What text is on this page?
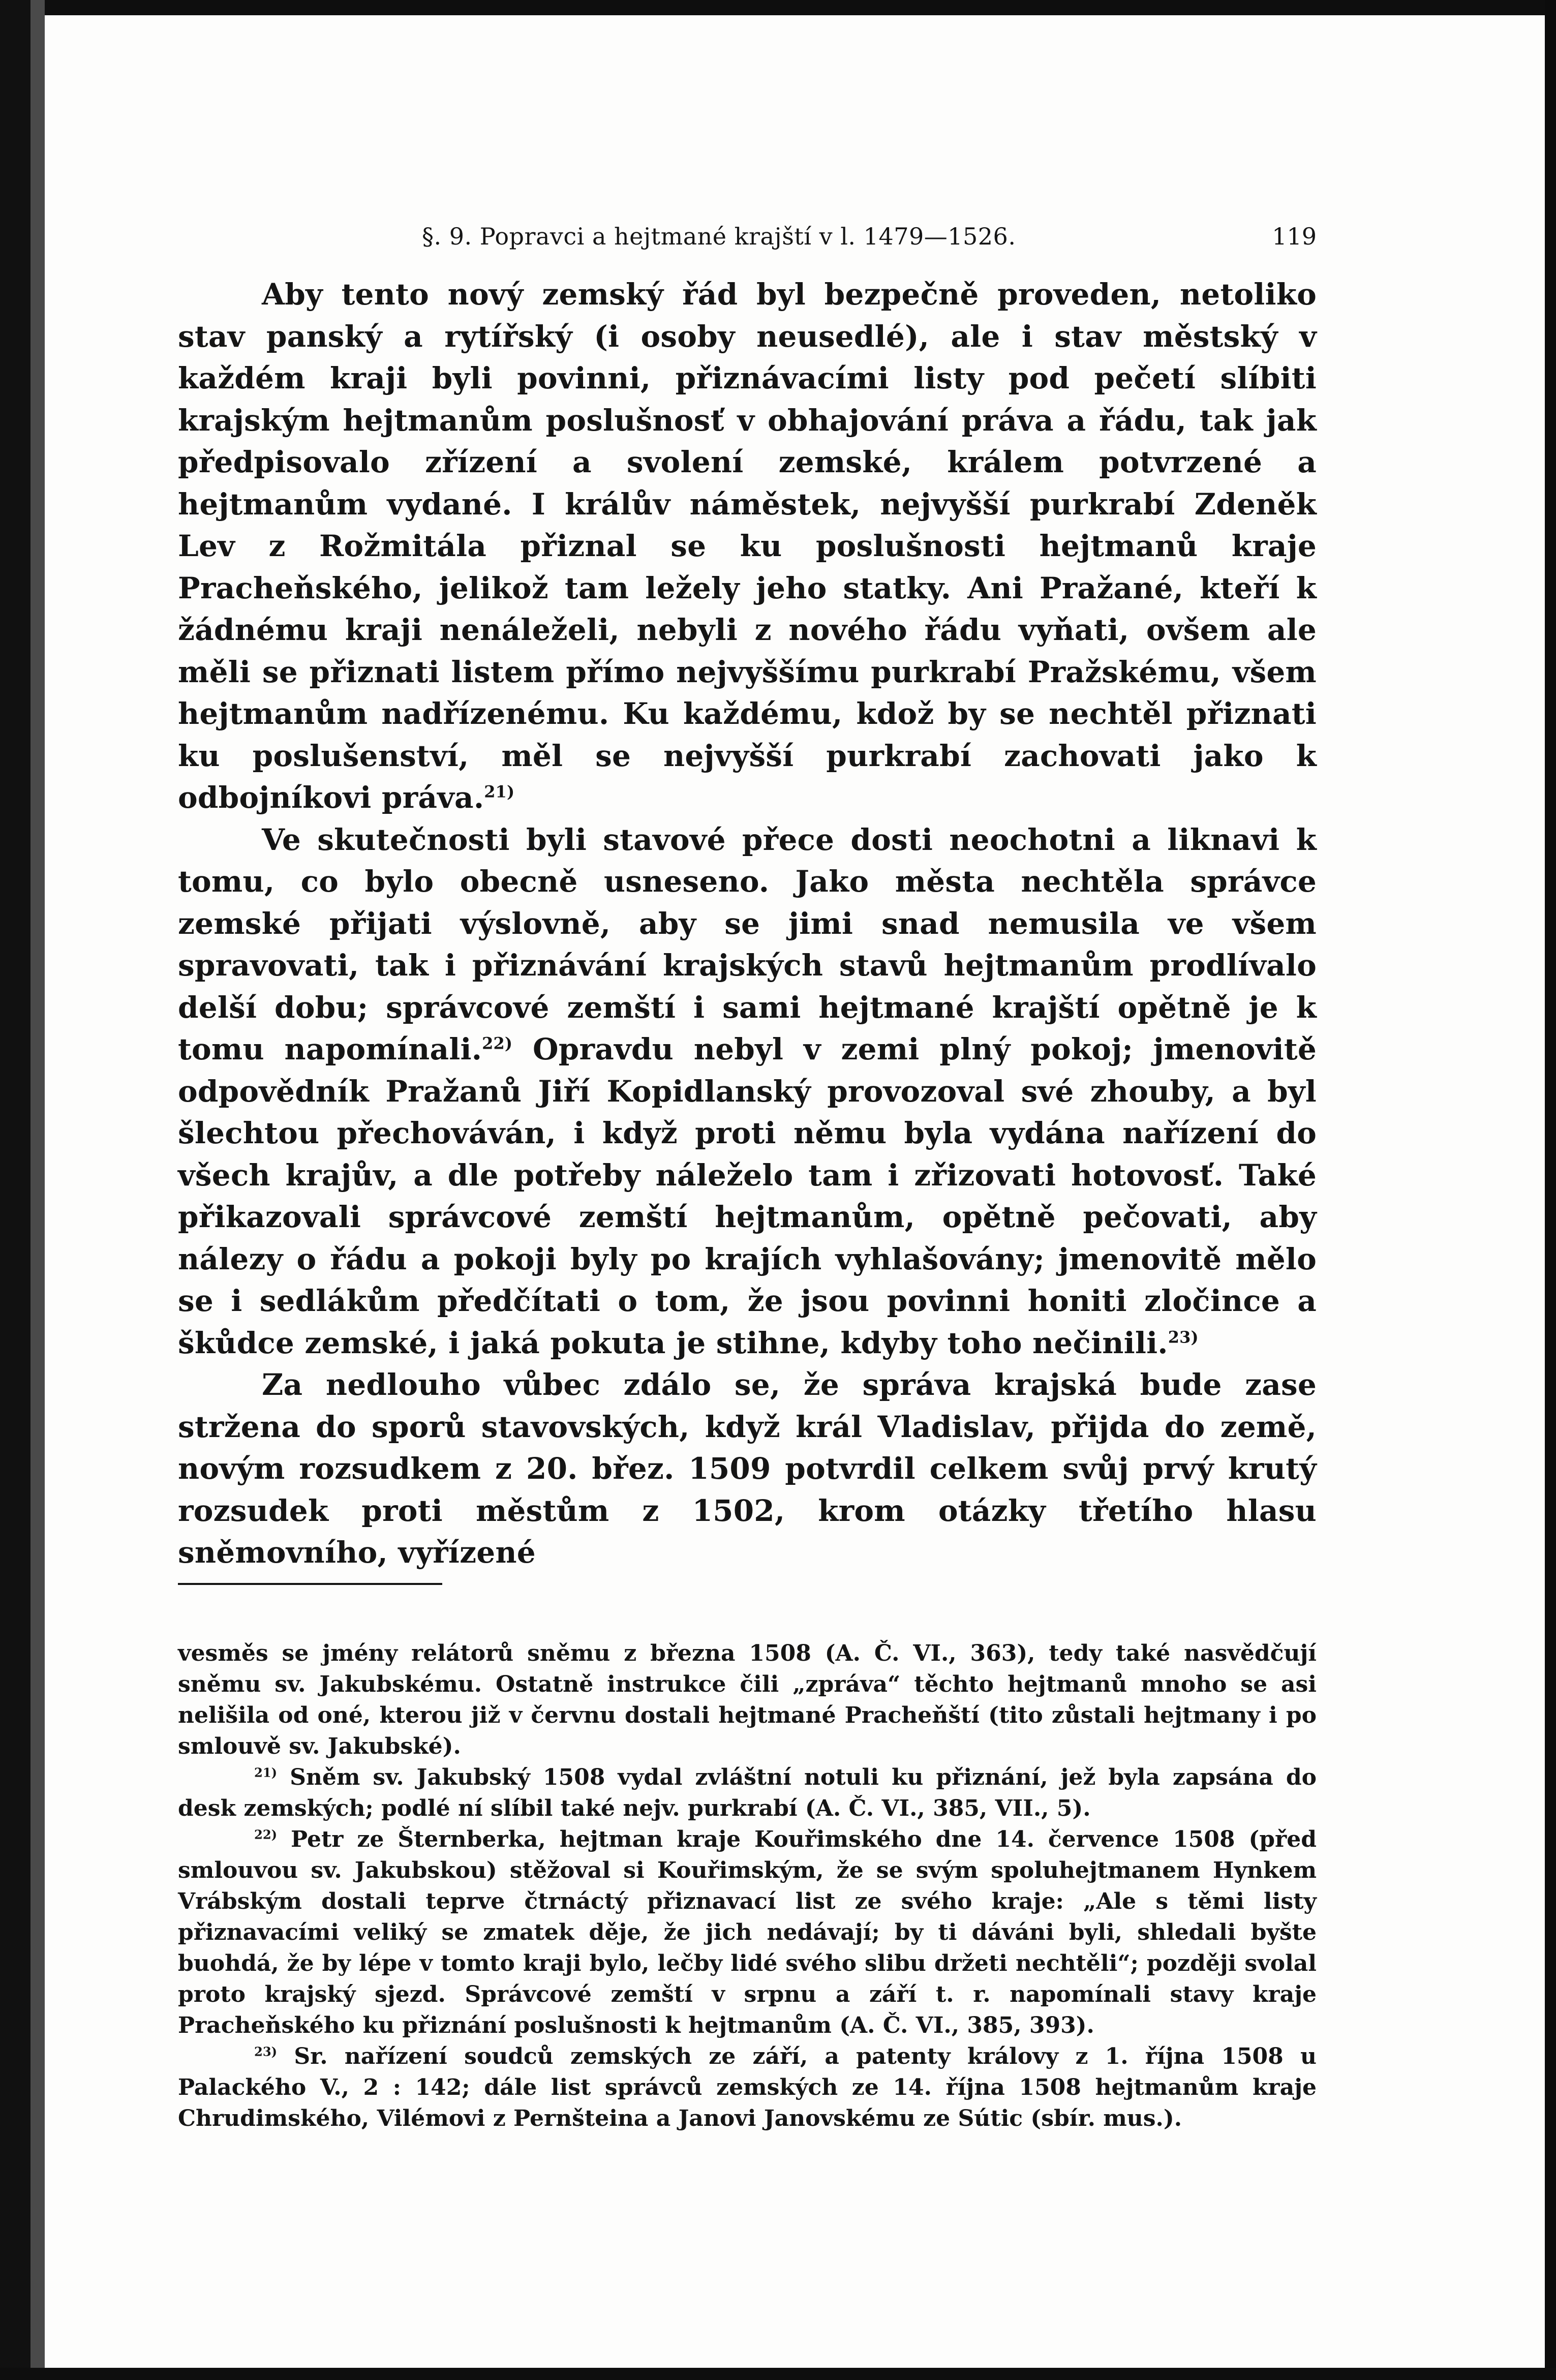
§. 9. Popravci a hejtmané krajští v l. 1479—1526.	119

Aby tento nový zemský řád byl bezpečně proveden, netoliko stav panský a rytířský (i osoby neusedlé), ale i stav městský v každém kraji byli povinni, přiznávacími listy pod pečetí slíbiti krajským hejtmanům poslušnosť v obhajování práva a řádu, tak jak předpisovalo zřízení a svolení zemské, králem potvrzené a hejtmanům vydané. I králův náměstek, nejvyšší purkrabí Zdeněk Lev z Rožmitála přiznal se ku poslušnosti hejtmanů kraje Pracheňského, jelikož tam ležely jeho statky. Ani Pražané, kteří k žádnému kraji nenáleželi, nebyli z nového řádu vyňati, ovšem ale měli se přiznati listem přímo nejvyššímu purkrabí Pražskému, všem hejtmanům nadřízenému. Ku každému, kdož by se nechtěl přiznati ku poslušenství, měl se nejvyšší purkrabí zachovati jako k odbojníkovi práva.$^{21)}$

Ve skutečnosti byli stavové přece dosti neochotni a liknavi k tomu, co bylo obecně usneseno. Jako města nechtěla správce zemské přijati výslovně, aby se jimi snad nemusila ve všem spravovati, tak i přiznávání krajských stavů hejtmanům prodlívalo delší dobu; správcové zemští i sami hejtmané krajští opětně je k tomu napomínali.$^{22)}$ Opravdu nebyl v zemi plný pokoj; jmenovitě odpovědník Pražanů Jiří Kopidlanský provozoval své zhouby, a byl šlechtou přechováván, i když proti němu byla vydána nařízení do všech krajův, a dle potřeby náleželo tam i zřizovati hotovosť. Také přikazovali správcové zemští hejtmanům, opětně pečovati, aby nálezy o řádu a pokoji byly po krajích vyhlašovány; jmenovitě mělo se i sedlákům předčítati o tom, že jsou povinni honiti zločince a škůdce zemské, i jaká pokuta je stihne, kdyby toho nečinili.$^{23)}$

Za nedlouho vůbec zdálo se, že správa krajská bude zase stržena do sporů stavovských, když král Vladislav, přijda do země, novým rozsudkem z 20. břez. 1509 potvrdil celkem svůj prvý krutý rozsudek proti městům z 1502, krom otázky třetího hlasu sněmovního, vyřízené

vesměs se jmény relátorů sněmu z března 1508 (A. Č. VI., 363), tedy také nasvědčují sněmu sv. Jakubskému. Ostatně instrukce čili „zpráva“ těchto hejtmanů mnoho se asi nelišila od oné, kterou již v červnu dostali hejtmané Pracheňští (tito zůstali hejtmany i po smlouvě sv. Jakubské).

$^{21)}$ Sněm sv. Jakubský 1508 vydal zvláštní notuli ku přiznání, jež byla zapsána do desk zemských; podlé ní slíbil také nejv. purkrabí (A. Č. VI., 385, VII., 5).

$^{22)}$ Petr ze Šternberka, hejtman kraje Kouřimského dne 14. července 1508 (před smlouvou sv. Jakubskou) stěžoval si Kouřimským, že se svým spoluhejtmanem Hynkem Vrábským dostali teprve čtrnáctý přiznavací list ze svého kraje: „Ale s těmi listy přiznavacími veliký se zmatek děje, že jich nedávají; by ti dáváni byli, shledali byšte buohdá, že by lépe v tomto kraji bylo, lečby lidé svého slibu držeti nechtěli“; později svolal proto krajský sjezd. Správcové zemští v srpnu a září t. r. napomínali stavy kraje Pracheňského ku přiznání poslušnosti k hejtmanům (A. Č. VI., 385, 393).

$^{23)}$ Sr. nařízení soudců zemských ze září, a patenty královy z 1. října 1508 u Palackého V., 2 : 142; dále list správců zemských ze 14. října 1508 hejtmanům kraje Chrudimského, Vilémovi z Pernšteina a Janovi Janovskému ze Sútic (sbír. mus.).
